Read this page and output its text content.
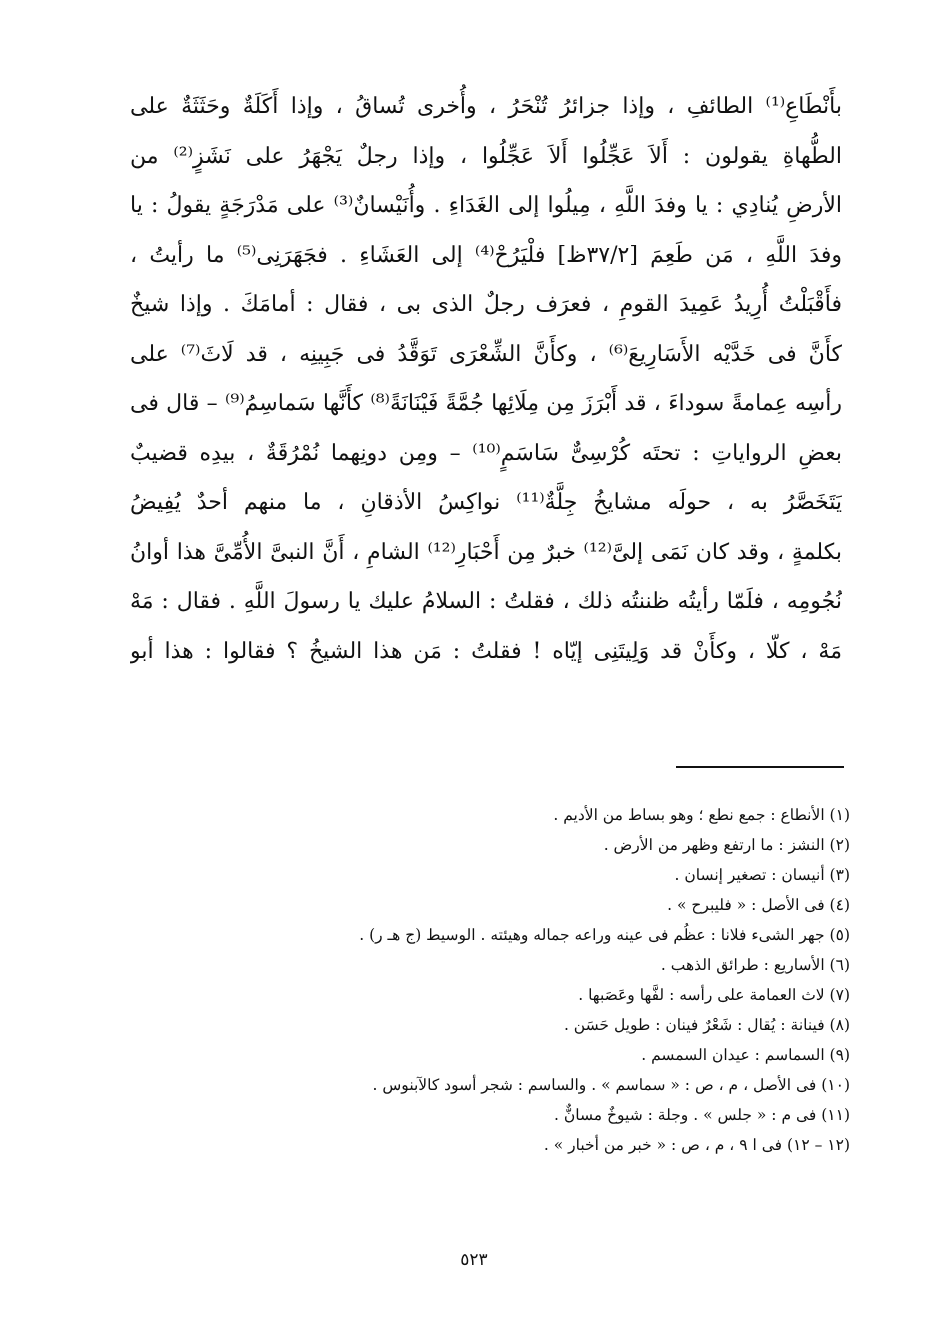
بأَنْطَاعِ⁽¹⁾ الطائفِ ، وإذا جزائرُ تُنْحَرُ ، وأُخرى تُساقُ ، وإذا أَكَلَةٌ وحَثَثَةٌ على
الطُّهاةِ يقولون : أَلاَ عَجِّلُوا أَلاَ عَجِّلُوا ، وإذا رجلٌ يَجْهَرُ على نَشَزٍ⁽²⁾ من
الأرضِ يُنادِي : يا وفدَ اللَّهِ ، مِيلُوا إلى الغَدَاءِ . وأُنَيْسانٌ⁽³⁾ على مَدْرَجَةٍ يقولُ : يا
وفدَ اللَّهِ ، مَن طَعِمَ [٣٧/٢ظ] فلْيَرُحْ⁽⁴⁾ إلى العَشَاءِ . فجَهَرَنِى⁽⁵⁾ ما رأيتُ ،
فأَقْبَلْتُ أُرِيدُ عَمِيدَ القومِ ، فعرَف رجلٌ الذى بى ، فقال : أمامَكَ . وإذا شيخٌ
كأَنَّ فى خَدَّيْه الأَسَارِيعَ⁽⁶⁾ ، وكأَنَّ الشِّعْرَى تَوَقَّدُ فى جَبِينِه ، قد لَاثَ⁽⁷⁾ على
رأسِه عِمامةً سوداءَ ، قد أَبْرَزَ مِن مِلَائِها جُمَّةً فَيْنَانَةً⁽⁸⁾ كأَنَّها سَماسِمُ⁽⁹⁾ – قال فى
بعضِ الرواياتِ : تحتَه كُرْسِىٌّ سَاسَمٍ⁽¹⁰⁾ – ومِن دونِهما نُمْرُقَةٌ ، بيدِه قضيبٌ
يَتَخَصَّرُ به ، حولَه مشايخُ جِلَّةٌ⁽¹¹⁾ نواكِسُ الأذقانِ ، ما منهم أحدٌ يُفِيضُ
بكلمةٍ ، وقد كان نَمَى إلىَّ⁽¹²⁾ خبرٌ مِن أَحْبَارِ⁽¹²⁾ الشامِ ، أَنَّ النبىَّ الأُمِّىَّ هذا أوانُ
نُجُومِه ، فلَمّا رأيتُه ظننتُه ذلك ، فقلتُ : السلامُ عليك يا رسولَ اللَّهِ . فقال : مَهْ
مَهْ ، كلّا ، وكأَنْ قد وَلِيتَنِى إيّاه ! فقلتُ : مَن هذا الشيخُ ؟ فقالوا : هذا أبو
(١) الأنطاع : جمع نطع ؛ وهو بساط من الأديم .
(٢) النشز : ما ارتفع وظهر من الأرض .
(٣) أنيسان : تصغير إنسان .
(٤) فى الأصل : « فليبرح » .
(٥) جهر الشىء فلانا : عظُم فى عينه وراعه جماله وهيئته . الوسيط (ج هـ ر) .
(٦) الأساريع : طرائق الذهب .
(٧) لاث العمامة على رأسه : لفَّها وعَصَبها .
(٨) فينانة : يُقال : شَعْرٌ فينان : طويل حَسَن .
(٩) السماسم : عيدان السمسم .
(١٠) فى الأصل ، م ، ص : « سماسم » . والساسم : شجر أسود كالآبنوس .
(١١) فى م : « جلس » . وجلة : شيوخٌ مسانٌّ .
(١٢ – ١٢) فى ا ٩ ، م ، ص : « خبر من أخبار » .
٥٢٣
